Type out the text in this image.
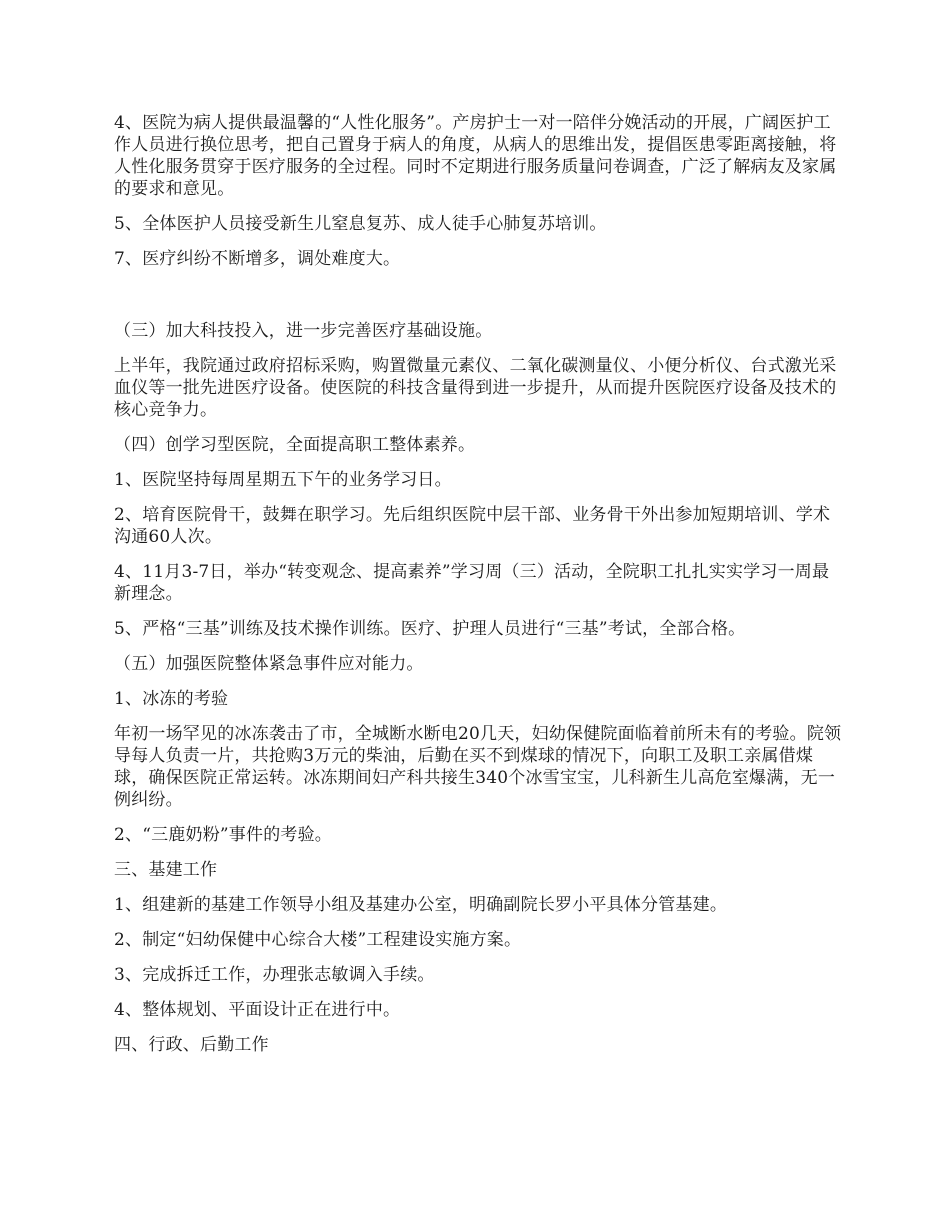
4、医院为病人提供最温馨的“人性化服务”。产房护士一对一陪伴分娩活动的开展，广阔医护工作人员进行换位思考，把自己置身于病人的角度，从病人的思维出发，提倡医患零距离接触，将人性化服务贯穿于医疗服务的全过程。同时不定期进行服务质量问卷调查，广泛了解病友及家属的要求和意见。

5、全体医护人员接受新生儿窒息复苏、成人徒手心肺复苏培训。

7、医疗纠纷不断增多，调处难度大。

（三）加大科技投入，进一步完善医疗基础设施。

上半年，我院通过政府招标采购，购置微量元素仪、二氧化碳测量仪、小便分析仪、台式激光采血仪等一批先进医疗设备。使医院的科技含量得到进一步提升，从而提升医院医疗设备及技术的核心竞争力。

（四）创学习型医院，全面提高职工整体素养。

1、医院坚持每周星期五下午的业务学习日。

2、培育医院骨干，鼓舞在职学习。先后组织医院中层干部、业务骨干外出参加短期培训、学术沟通60人次。

4、11月3-7日，举办“转变观念、提高素养”学习周（三）活动，全院职工扎扎实实学习一周最新理念。

5、严格“三基”训练及技术操作训练。医疗、护理人员进行“三基”考试，全部合格。

（五）加强医院整体紧急事件应对能力。

1、冰冻的考验

年初一场罕见的冰冻袭击了市，全城断水断电20几天，妇幼保健院面临着前所未有的考验。院领导每人负责一片，共抢购3万元的柴油，后勤在买不到煤球的情况下，向职工及职工亲属借煤球，确保医院正常运转。冰冻期间妇产科共接生340个冰雪宝宝，儿科新生儿高危室爆满，无一例纠纷。

2、“三鹿奶粉”事件的考验。

三、基建工作

1、组建新的基建工作领导小组及基建办公室，明确副院长罗小平具体分管基建。

2、制定“妇幼保健中心综合大楼”工程建设实施方案。

3、完成拆迁工作，办理张志敏调入手续。

4、整体规划、平面设计正在进行中。

四、行政、后勤工作
